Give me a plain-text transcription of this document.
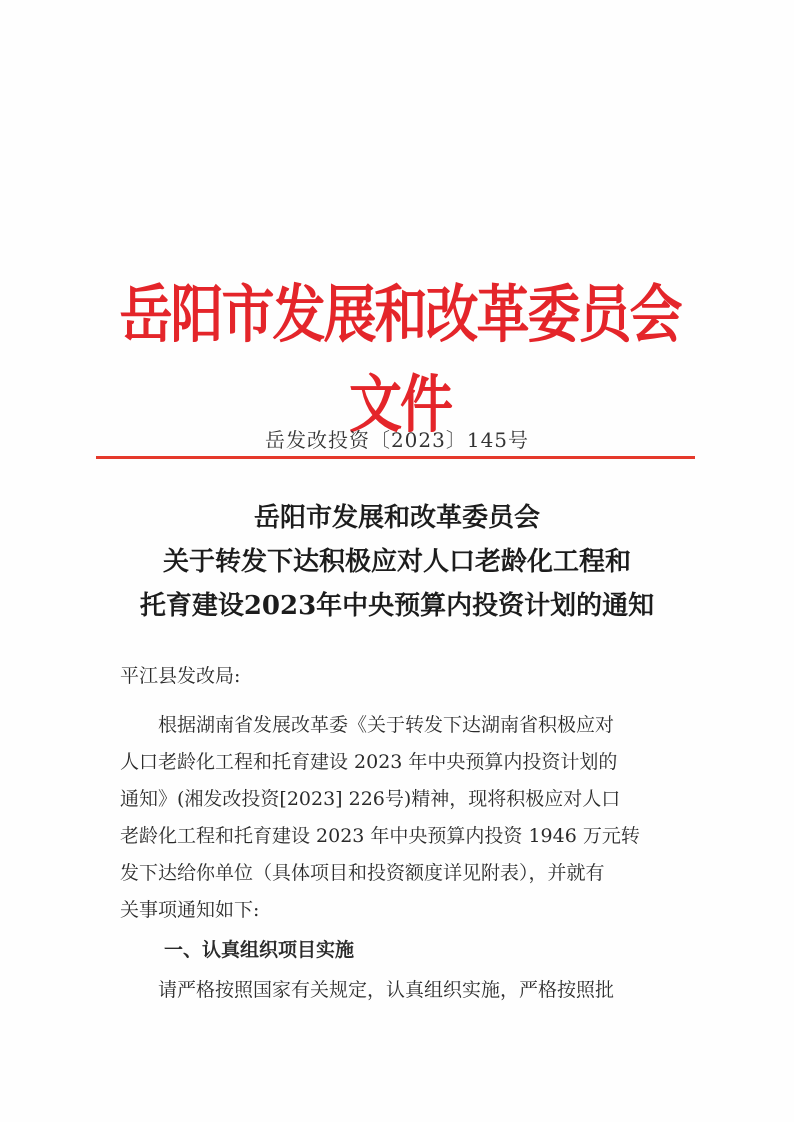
岳阳市发展和改革委员会文件
岳发改投资〔2023〕145号
岳阳市发展和改革委员会
关于转发下达积极应对人口老龄化工程和
托育建设2023年中央预算内投资计划的通知
平江县发改局:
根据湖南省发展改革委《关于转发下达湖南省积极应对
人口老龄化工程和托育建设 2023 年中央预算内投资计划的
通知》(湘发改投资[2023] 226号)精神，现将积极应对人口
老龄化工程和托育建设 2023 年中央预算内投资 1946 万元转
发下达给你单位（具体项目和投资额度详见附表），并就有
关事项通知如下:
一、认真组织项目实施
请严格按照国家有关规定，认真组织实施，严格按照批
